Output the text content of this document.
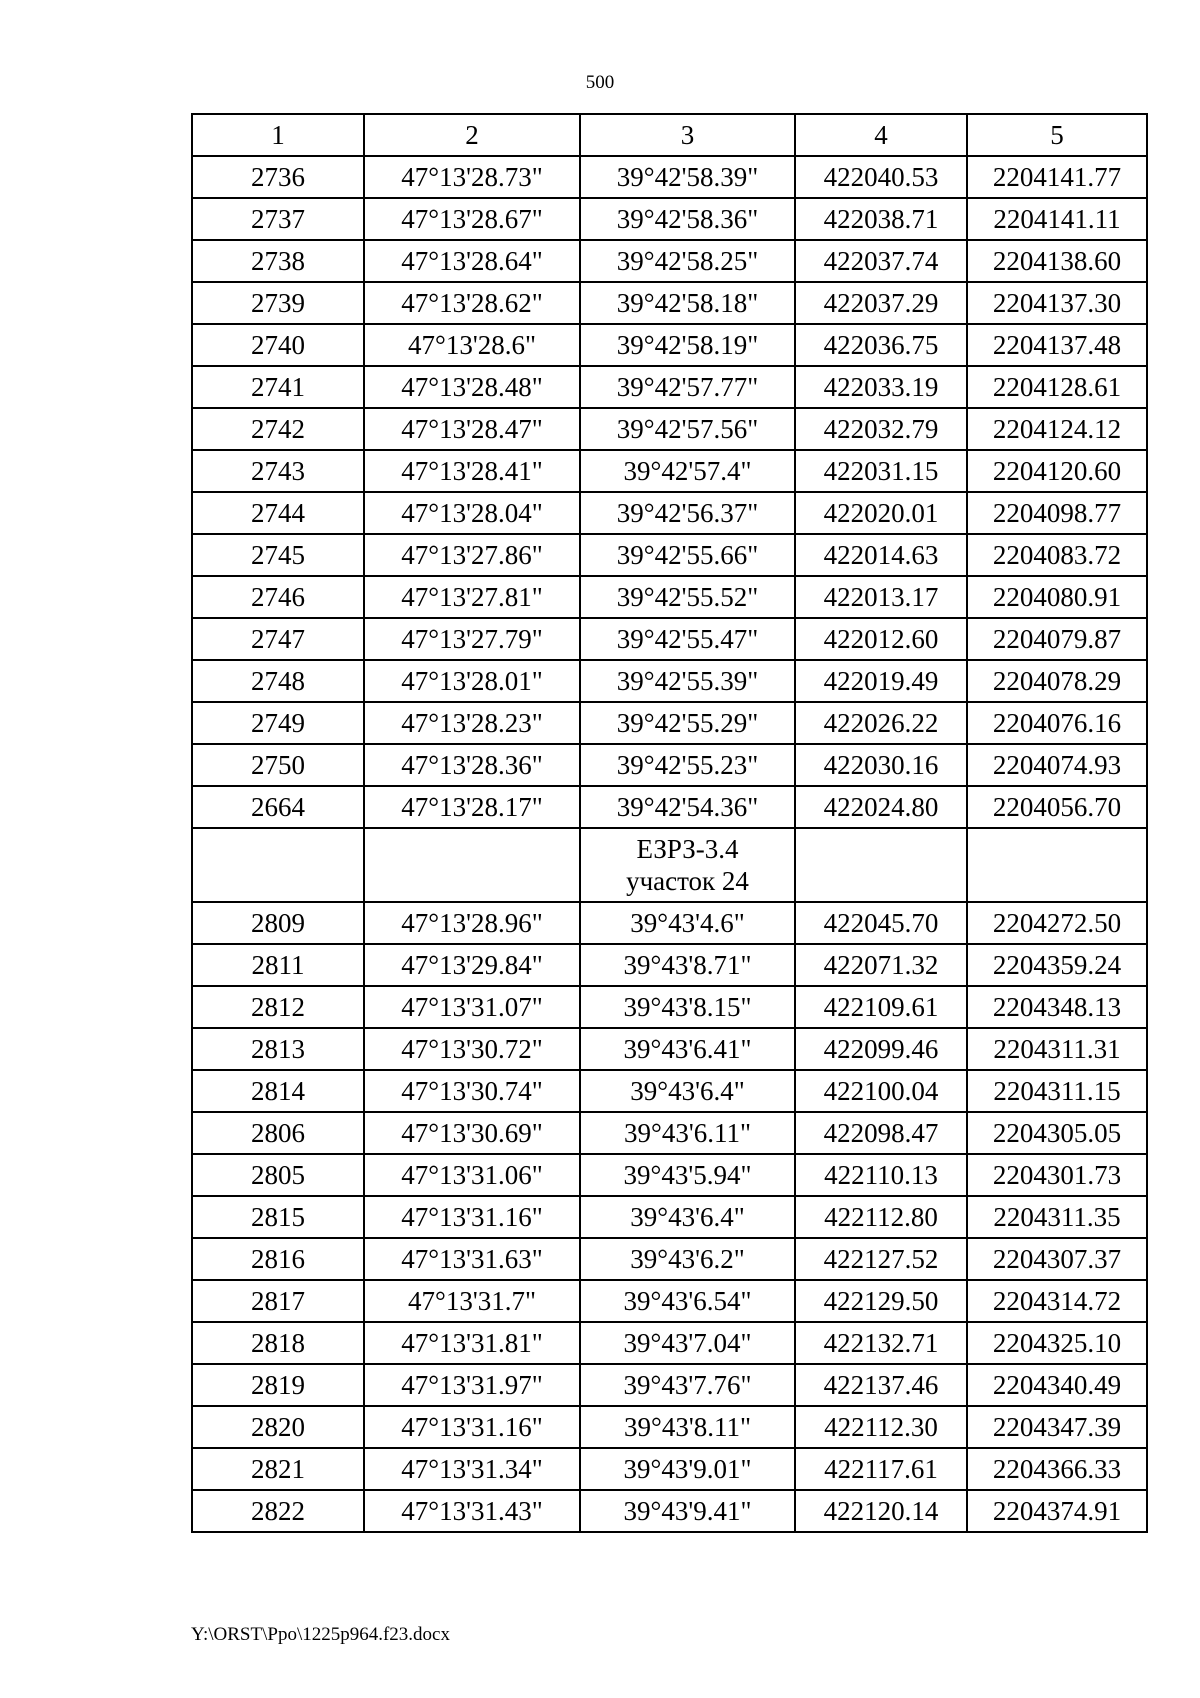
500
1	2	3	4	5
2736	47°13'28.73"	39°42'58.39"	422040.53	2204141.77
2737	47°13'28.67"	39°42'58.36"	422038.71	2204141.11
2738	47°13'28.64"	39°42'58.25"	422037.74	2204138.60
2739	47°13'28.62"	39°42'58.18"	422037.29	2204137.30
2740	47°13'28.6"	39°42'58.19"	422036.75	2204137.48
2741	47°13'28.48"	39°42'57.77"	422033.19	2204128.61
2742	47°13'28.47"	39°42'57.56"	422032.79	2204124.12
2743	47°13'28.41"	39°42'57.4"	422031.15	2204120.60
2744	47°13'28.04"	39°42'56.37"	422020.01	2204098.77
2745	47°13'27.86"	39°42'55.66"	422014.63	2204083.72
2746	47°13'27.81"	39°42'55.52"	422013.17	2204080.91
2747	47°13'27.79"	39°42'55.47"	422012.60	2204079.87
2748	47°13'28.01"	39°42'55.39"	422019.49	2204078.29
2749	47°13'28.23"	39°42'55.29"	422026.22	2204076.16
2750	47°13'28.36"	39°42'55.23"	422030.16	2204074.93
2664	47°13'28.17"	39°42'54.36"	422024.80	2204056.70

		ЕЗРЗ-3.4
участок 24		

2809	47°13'28.96"	39°43'4.6"	422045.70	2204272.50
2811	47°13'29.84"	39°43'8.71"	422071.32	2204359.24
2812	47°13'31.07"	39°43'8.15"	422109.61	2204348.13
2813	47°13'30.72"	39°43'6.41"	422099.46	2204311.31
2814	47°13'30.74"	39°43'6.4"	422100.04	2204311.15
2806	47°13'30.69"	39°43'6.11"	422098.47	2204305.05
2805	47°13'31.06"	39°43'5.94"	422110.13	2204301.73
2815	47°13'31.16"	39°43'6.4"	422112.80	2204311.35
2816	47°13'31.63"	39°43'6.2"	422127.52	2204307.37
2817	47°13'31.7"	39°43'6.54"	422129.50	2204314.72
2818	47°13'31.81"	39°43'7.04"	422132.71	2204325.10
2819	47°13'31.97"	39°43'7.76"	422137.46	2204340.49
2820	47°13'31.16"	39°43'8.11"	422112.30	2204347.39
2821	47°13'31.34"	39°43'9.01"	422117.61	2204366.33
2822	47°13'31.43"	39°43'9.41"	422120.14	2204374.91
Y:\ORST\Ppo\1225p964.f23.docx
